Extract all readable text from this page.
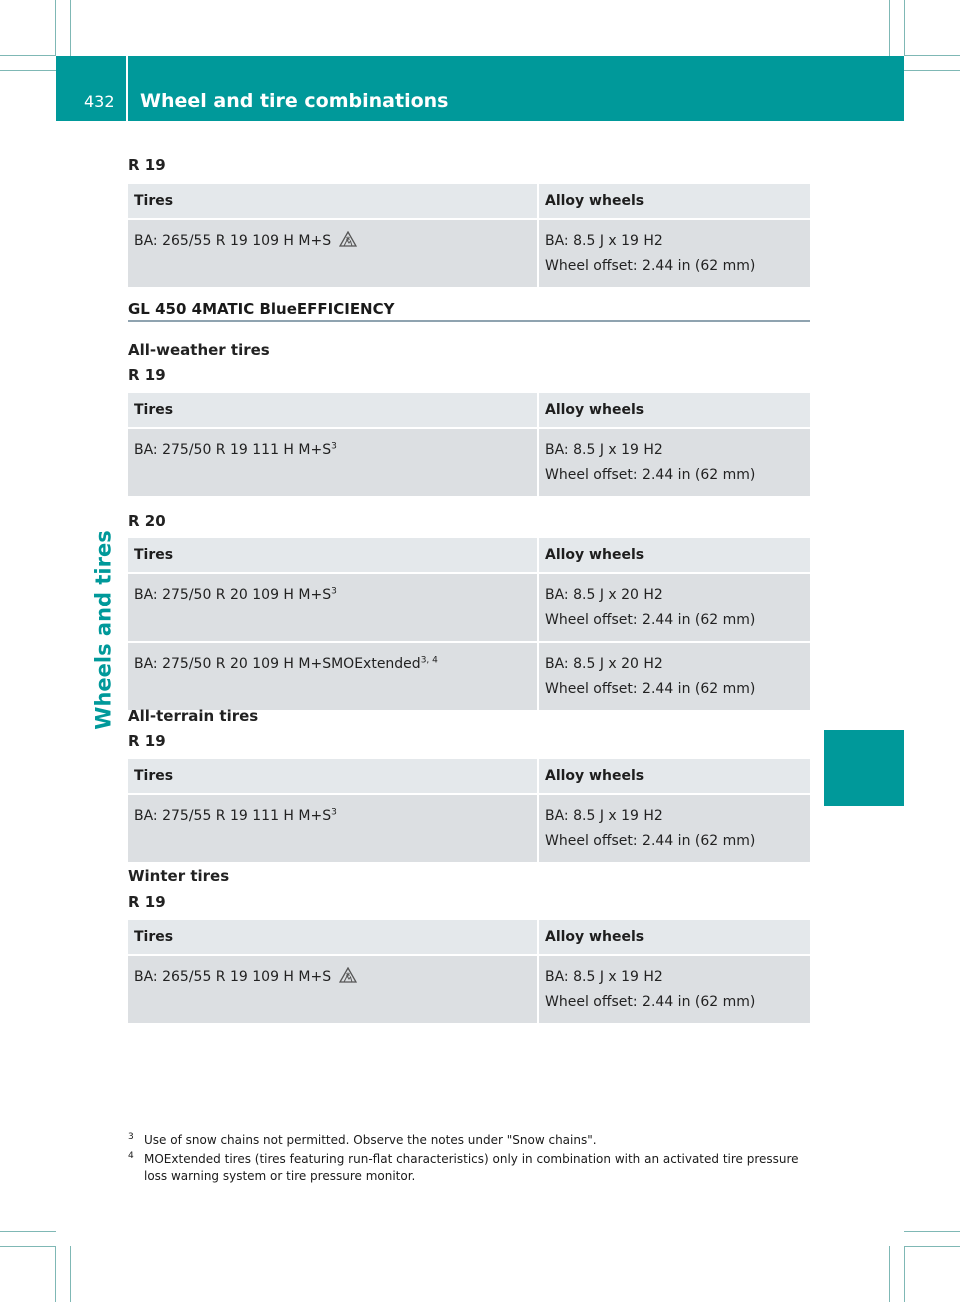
432 Wheel and tire combinations
Wheels and tires
R 19
Tires	Alloy wheels
BA: 265/55 R 19 109 H M+S	BA: 8.5 J x 19 H2
Wheel offset: 2.44 in (62 mm)
GL 450 4MATIC BlueEFFICIENCY
All-weather tires
R 19
Tires	Alloy wheels
BA: 275/50 R 19 111 H $M+S^3$	BA: 8.5 J x 19 H2
Wheel offset: 2.44 in (62 mm)
R 20
Tires	Alloy wheels
BA: 275/50 R 20 109 H $M+S^3$	BA: 8.5 J x 20 H2
Wheel offset: 2.44 in (62 mm)

BA: 275/50 R 20 109 H M+SMOExtended$^{3, 4}$	BA: 8.5 J x 20 H2
Wheel offset: 2.44 in (62 mm)
All-terrain tires
R 19
Tires	Alloy wheels
BA: 275/55 R 19 111 H $M+S^3$	BA: 8.5 J x 19 H2
Wheel offset: 2.44 in (62 mm)
Winter tires
R 19
Tires	Alloy wheels
BA: 265/55 R 19 109 H M+S	BA: 8.5 J x 19 H2
Wheel offset: 2.44 in (62 mm)
3 Use of snow chains not permitted. Observe the notes under "Snow chains".
4 MOExtended tires (tires featuring run-flat characteristics) only in combination with an activated tire pressure loss warning system or tire pressure monitor.
